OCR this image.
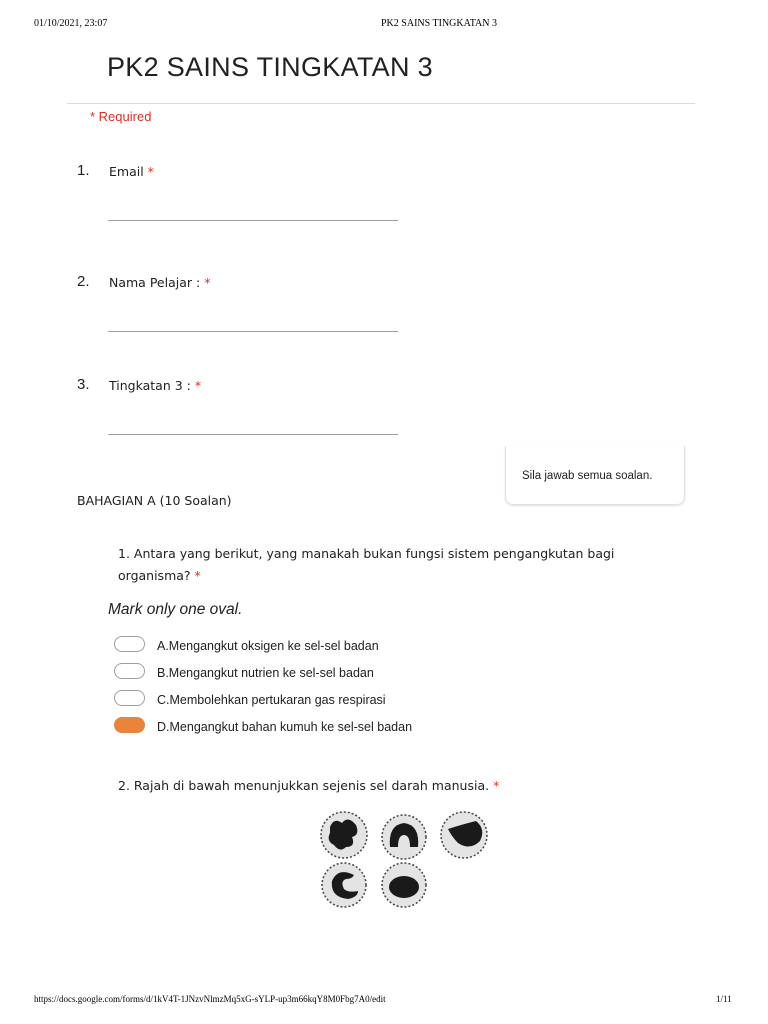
01/10/2021, 23:07	PK2 SAINS TINGKATAN 3
PK2 SAINS TINGKATAN 3
* Required
1. Email *
2. Nama Pelajar : *
3. Tingkatan 3 : *
Sila jawab semua soalan.
BAHAGIAN A (10 Soalan)
1. Antara yang berikut, yang manakah bukan fungsi sistem pengangkutan bagi
organisma? *
Mark only one oval.
A.Mengangkut oksigen ke sel-sel badan
B.Mengangkut nutrien ke sel-sel badan
C.Membolehkan pertukaran gas respirasi
D.Mengangkut bahan kumuh ke sel-sel badan
2. Rajah di bawah menunjukkan sejenis sel darah manusia. *
https://docs.google.com/forms/d/1kV4T-1JNzvNlmzMq5xG-sYLP-up3m66kqY8M0Fbg7A0/edit	1/11
